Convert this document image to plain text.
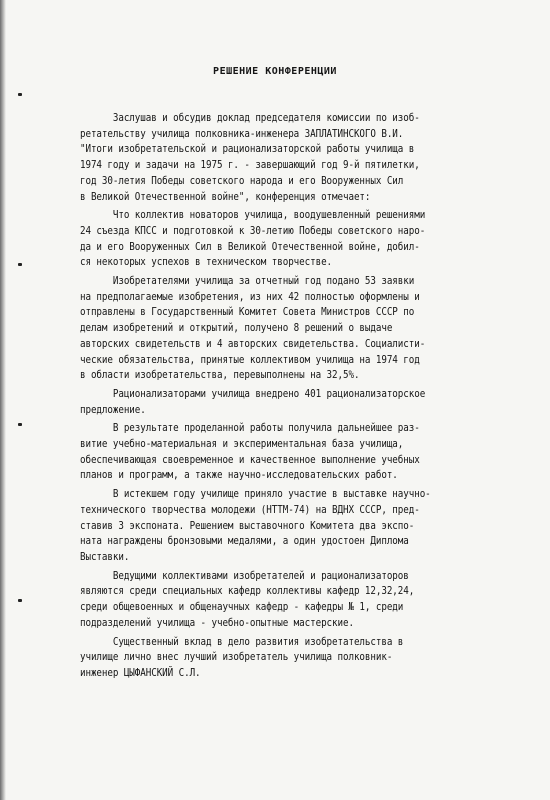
РЕШЕНИЕ КОНФЕРЕНЦИИ
Заслушав и обсудив доклад председателя комиссии по изоб-
ретательству училища полковника-инженера ЗАПЛАТИНСКОГО В.И.
"Итоги изобретательской и рационализаторской работы училища в
1974 году и задачи на 1975 г. - завершающий год 9-й пятилетки,
год 30-летия Победы советского народа и его Вооруженных Сил
в Великой Отечественной войне", конференция отмечает:
Что коллектив новаторов училища, воодушевленный решениями
24 съезда КПСС и подготовкой к 30-летию Победы советского наро-
да и его Вооруженных Сил в Великой Отечественной войне, добил-
ся некоторых успехов в техническом творчестве.
Изобретателями училища за отчетный год подано 53 заявки
на предполагаемые изобретения, из них 42 полностью оформлены и
отправлены в Государственный Комитет Совета Министров СССР по
делам изобретений и открытий, получено 8 решений о выдаче
авторских свидетельств и 4 авторских свидетельства. Социалисти-
ческие обязательства, принятые коллективом училища на 1974 год
в области изобретательства, перевыполнены на 32,5%.
Рационализаторами училища внедрено 401 рационализаторское
предложение.
В результате проделанной работы получила дальнейшее раз-
витие учебно-материальная и экспериментальная база училища,
обеспечивающая своевременное и качественное выполнение учебных
планов и программ, а также научно-исследовательских работ.
В истекшем году училище приняло участие в выставке научно-
технического творчества молодежи (НТТМ-74) на ВДНХ СССР, пред-
ставив 3 экспоната. Решением выставочного Комитета два экспо-
ната награждены бронзовыми медалями, а один удостоен Диплома
Выставки.
Ведущими коллективами изобретателей и рационализаторов
являются среди специальных кафедр коллективы кафедр 12,32,24,
среди общевоенных и общенаучных кафедр - кафедры № 1, среди
подразделений училища - учебно-опытные мастерские.
Существенный вклад в дело развития изобретательства в
училище лично внес лучший изобретатель училища полковник-
инженер ЦЫФАНСКИЙ С.Л.
